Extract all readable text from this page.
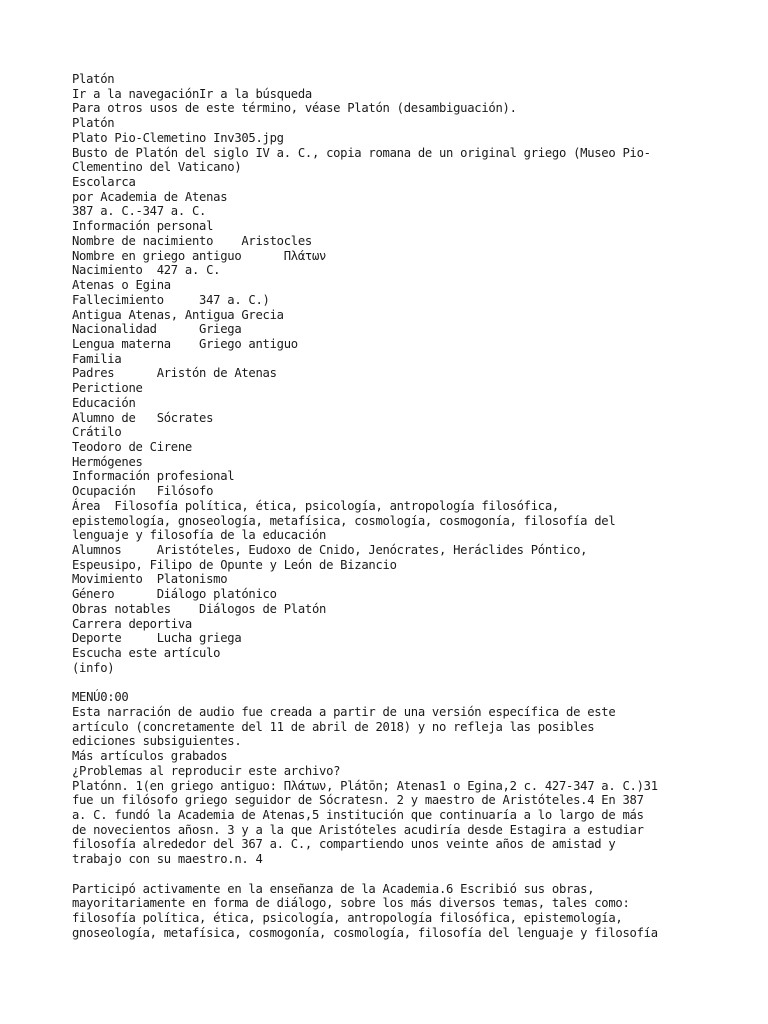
Platón
Ir a la navegaciónIr a la búsqueda
Para otros usos de este término, véase Platón (desambiguación).
Platón
Plato Pio-Clemetino Inv305.jpg
Busto de Platón del siglo IV a. C., copia romana de un original griego (Museo Pio-
Clementino del Vaticano)
Escolarca
por Academia de Atenas
387 a. C.-347 a. C.
Información personal
Nombre de nacimiento    Aristocles
Nombre en griego antiguo      Πλάτων
Nacimiento  427 a. C.
Atenas o Egina
Fallecimiento     347 a. C.)
Antigua Atenas, Antigua Grecia
Nacionalidad      Griega
Lengua materna    Griego antiguo
Familia
Padres      Aristón de Atenas
Perictione
Educación
Alumno de   Sócrates
Crátilo
Teodoro de Cirene
Hermógenes
Información profesional
Ocupación   Filósofo
Área  Filosofía política, ética, psicología, antropología filosófica,
epistemología, gnoseología, metafísica, cosmología, cosmogonía, filosofía del
lenguaje y filosofía de la educación
Alumnos     Aristóteles, Eudoxo de Cnido, Jenócrates, Heráclides Póntico,
Espeusipo, Filipo de Opunte y León de Bizancio
Movimiento  Platonismo
Género      Diálogo platónico
Obras notables    Diálogos de Platón
Carrera deportiva
Deporte     Lucha griega
Escucha este artículo
(info)
MENÚ0:00
Esta narración de audio fue creada a partir de una versión específica de este
artículo (concretamente del 11 de abril de 2018) y no refleja las posibles
ediciones subsiguientes.
Más artículos grabados
¿Problemas al reproducir este archivo?
Platónn. 1(en griego antiguo: Πλάτων, Plátōn; Atenas1 o Egina,2 c. 427-347 a. C.)31
fue un filósofo griego seguidor de Sócratesn. 2 y maestro de Aristóteles.4 En 387
a. C. fundó la Academia de Atenas,5 institución que continuaría a lo largo de más
de novecientos añosn. 3 y a la que Aristóteles acudiría desde Estagira a estudiar
filosofía alrededor del 367 a. C., compartiendo unos veinte años de amistad y
trabajo con su maestro.n. 4
Participó activamente en la enseñanza de la Academia.6 Escribió sus obras,
mayoritariamente en forma de diálogo, sobre los más diversos temas, tales como:
filosofía política, ética, psicología, antropología filosófica, epistemología,
gnoseología, metafísica, cosmogonía, cosmología, filosofía del lenguaje y filosofía
